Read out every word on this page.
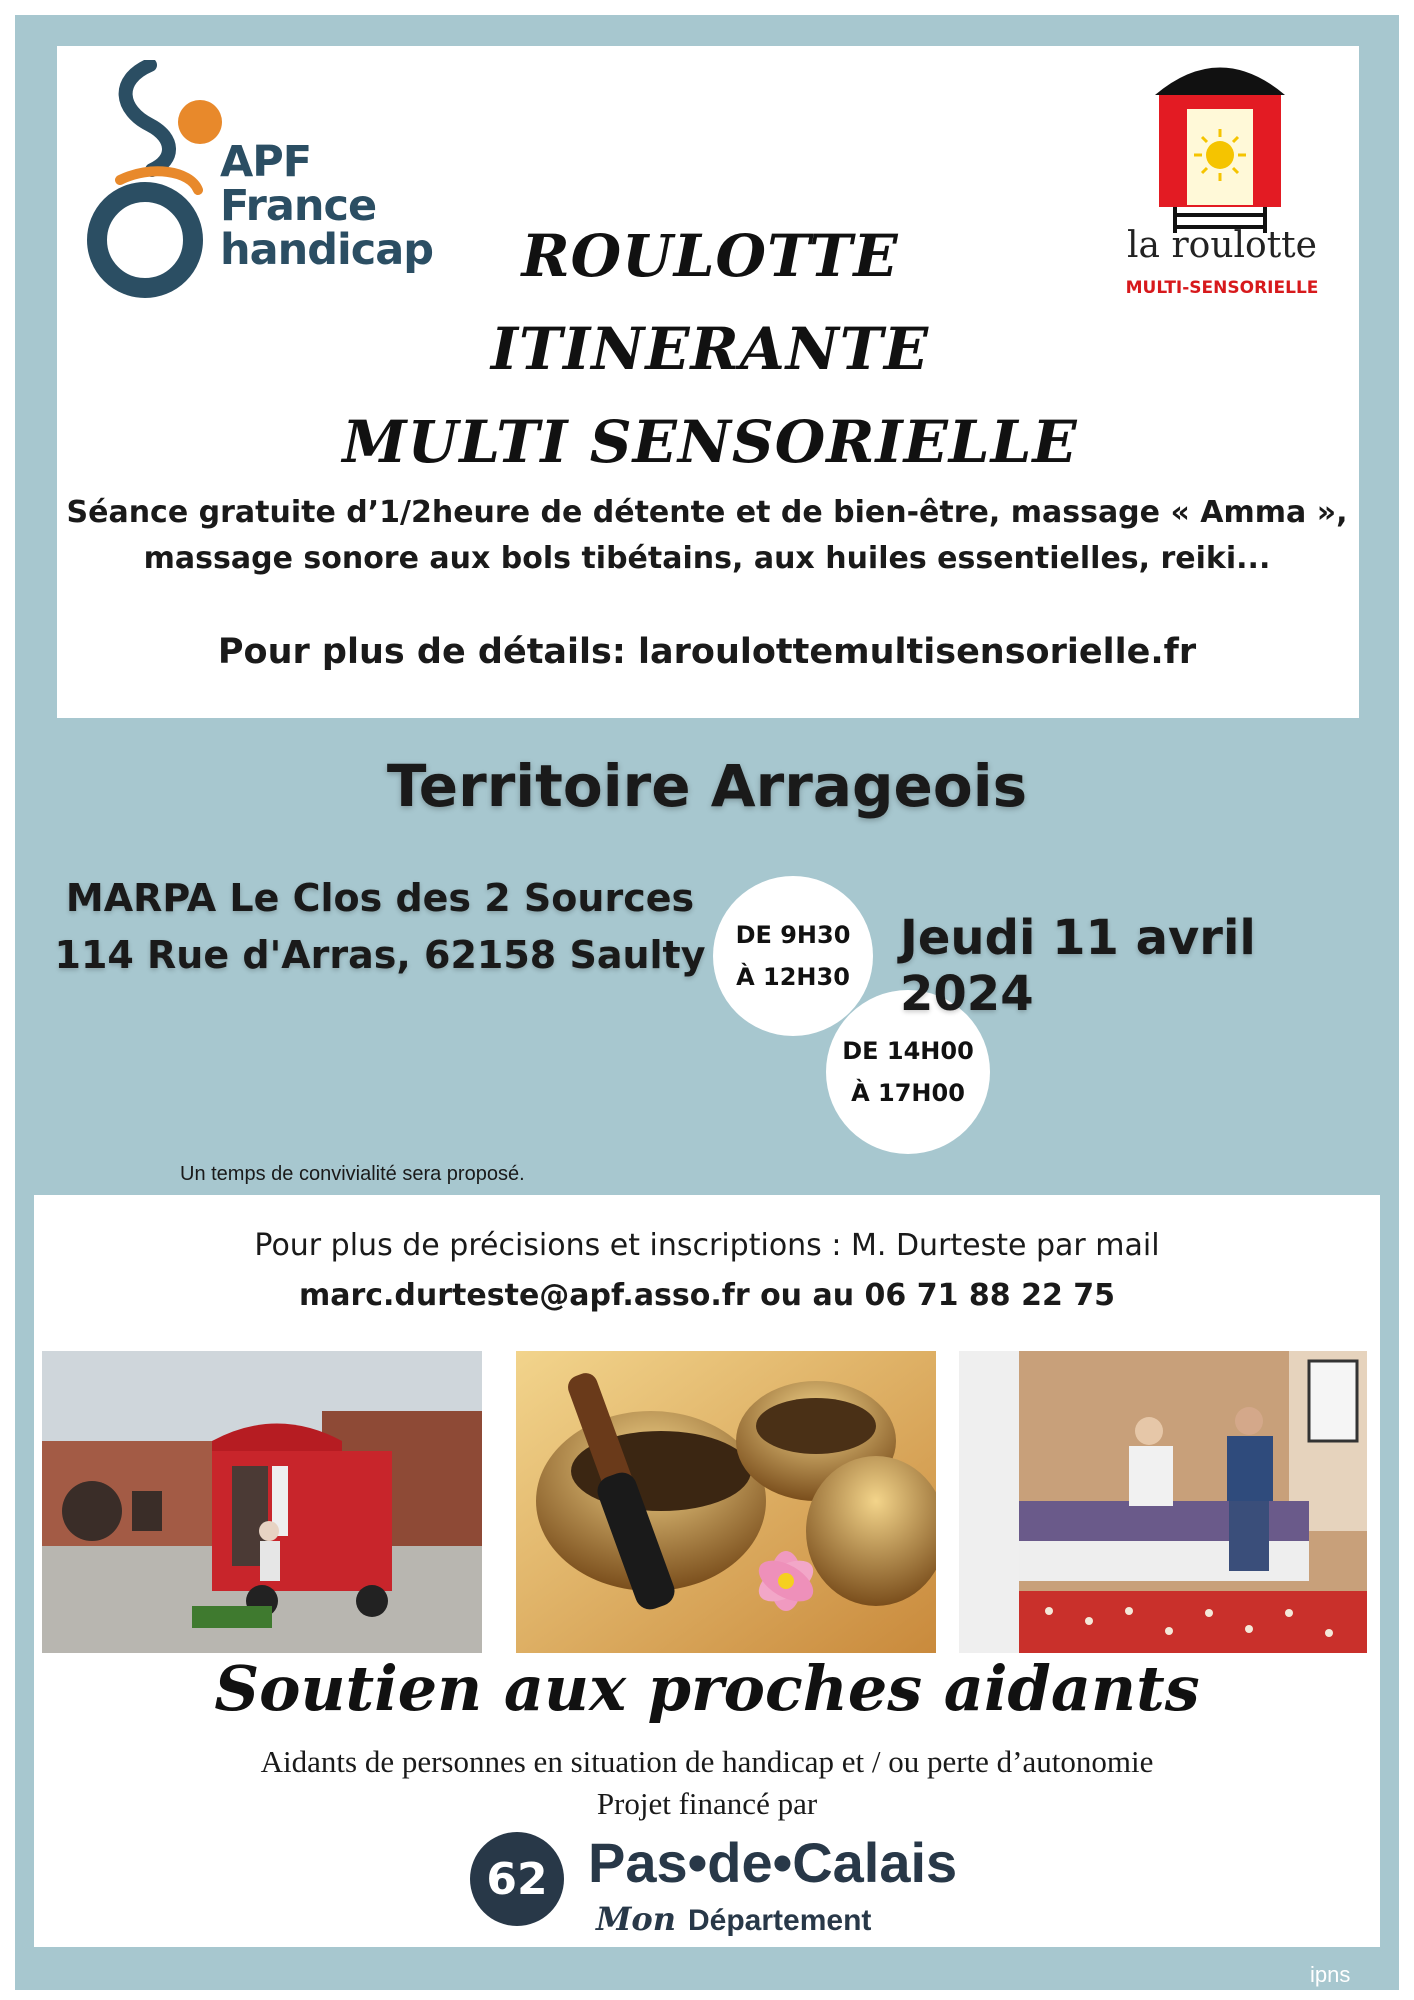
APF
France
handicap	la roulotte
MULTI-SENSORIELLE
ROULOTTE
ITINERANTE
MULTI SENSORIELLE
Séance gratuite d’1/2heure de détente et de bien-être, massage « Amma »,
massage sonore aux bols tibétains, aux huiles essentielles, reiki...
Pour plus de détails: laroulottemultisensorielle.fr
Territoire Arrageois
MARPA Le Clos des 2 Sources
114 Rue d'Arras, 62158 Saulty	DE 9H30
À 12H30
DE 14H00
À 17H00
Jeudi 11 avril 2024
Un temps de convivialité sera proposé.
Pour plus de précisions et inscriptions : M. Durteste par mail
marc.durteste@apf.asso.fr ou au 06 71 88 22 75
Soutien aux proches aidants
Aidants de personnes en situation de handicap et / ou perte d’autonomie
Projet financé par
62 Pas•de•Calais
Mon Département
ipns
